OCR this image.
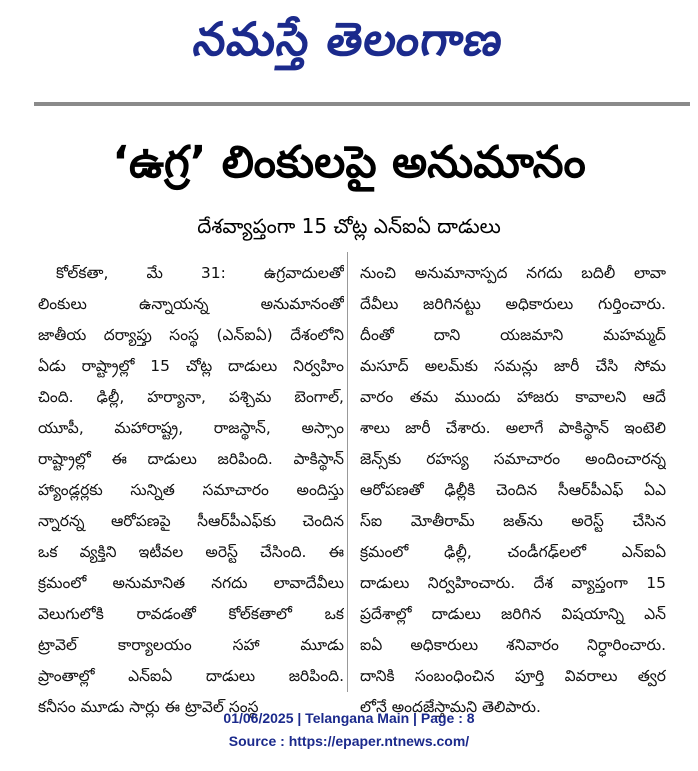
నమస్తే తెలంగాణ
‘ఉగ్ర’ లింకులపై అనుమానం
దేశవ్యాప్తంగా 15 చోట్ల ఎన్ఐఏ దాడులు
కోల్‌కతా, మే 31: ఉగ్రవాదులతో
లింకులు ఉన్నాయన్న అనుమానంతో
జాతీయ దర్యాప్తు సంస్థ (ఎన్ఐఏ) దేశంలోని
ఏడు రాష్ట్రాల్లో 15 చోట్ల దాడులు నిర్వహిం
చింది. ఢిల్లీ, హర్యానా, పశ్చిమ బెంగాల్,
యూపీ, మహారాష్ట్ర, రాజస్థాన్, అస్సాం
రాష్ట్రాల్లో ఈ దాడులు జరిపింది. పాకిస్థాన్
హ్యాండ్లర్లకు సున్నిత సమాచారం అందిస్తు
న్నారన్న ఆరోపణపై సీఆర్‌పీఎఫ్‌కు చెందిన
ఒక వ్యక్తిని ఇటీవల అరెస్ట్ చేసింది. ఈ
క్రమంలో అనుమానిత నగదు లావాదేవీలు
వెలుగులోకి రావడంతో కోల్‌కతాలో ఒక
ట్రావెల్ కార్యాలయం సహా మూడు
ప్రాంతాల్లో ఎన్ఐఏ దాడులు జరిపింది.
కనీసం మూడు సార్లు ఈ ట్రావెల్ సంస్థ
నుంచి అనుమానాస్పద నగదు బదిలీ లావా
దేవీలు జరిగినట్టు అధికారులు గుర్తించారు.
దీంతో దాని యజమాని మహమ్మద్
మసూద్ అలమ్‌కు సమన్లు జారీ చేసి సోమ
వారం తమ ముందు హాజరు కావాలని ఆదే
శాలు జారీ చేశారు. అలాగే పాకిస్థాన్ ఇంటెలి
జెన్స్‌కు రహస్య సమాచారం అందించారన్న
ఆరోపణతో ఢిల్లీకి చెందిన సీఆర్‌పీఎఫ్ ఏఎ
స్ఐ మోతీరామ్ జత్‌ను అరెస్ట్ చేసిన
క్రమంలో ఢిల్లీ, చండీగఢ్‌లలో ఎన్ఐఏ
దాడులు నిర్వహించారు. దేశ వ్యాప్తంగా 15
ప్రదేశాల్లో దాడులు జరిగిన విషయాన్ని ఎన్
ఐఏ అధికారులు శనివారం నిర్ధారించారు.
దానికి సంబంధించిన పూర్తి వివరాలు త్వర
లోనే అందజేస్తామని తెలిపారు.
01/06/2025 | Telangana Main | Page : 8
Source : https://epaper.ntnews.com/
